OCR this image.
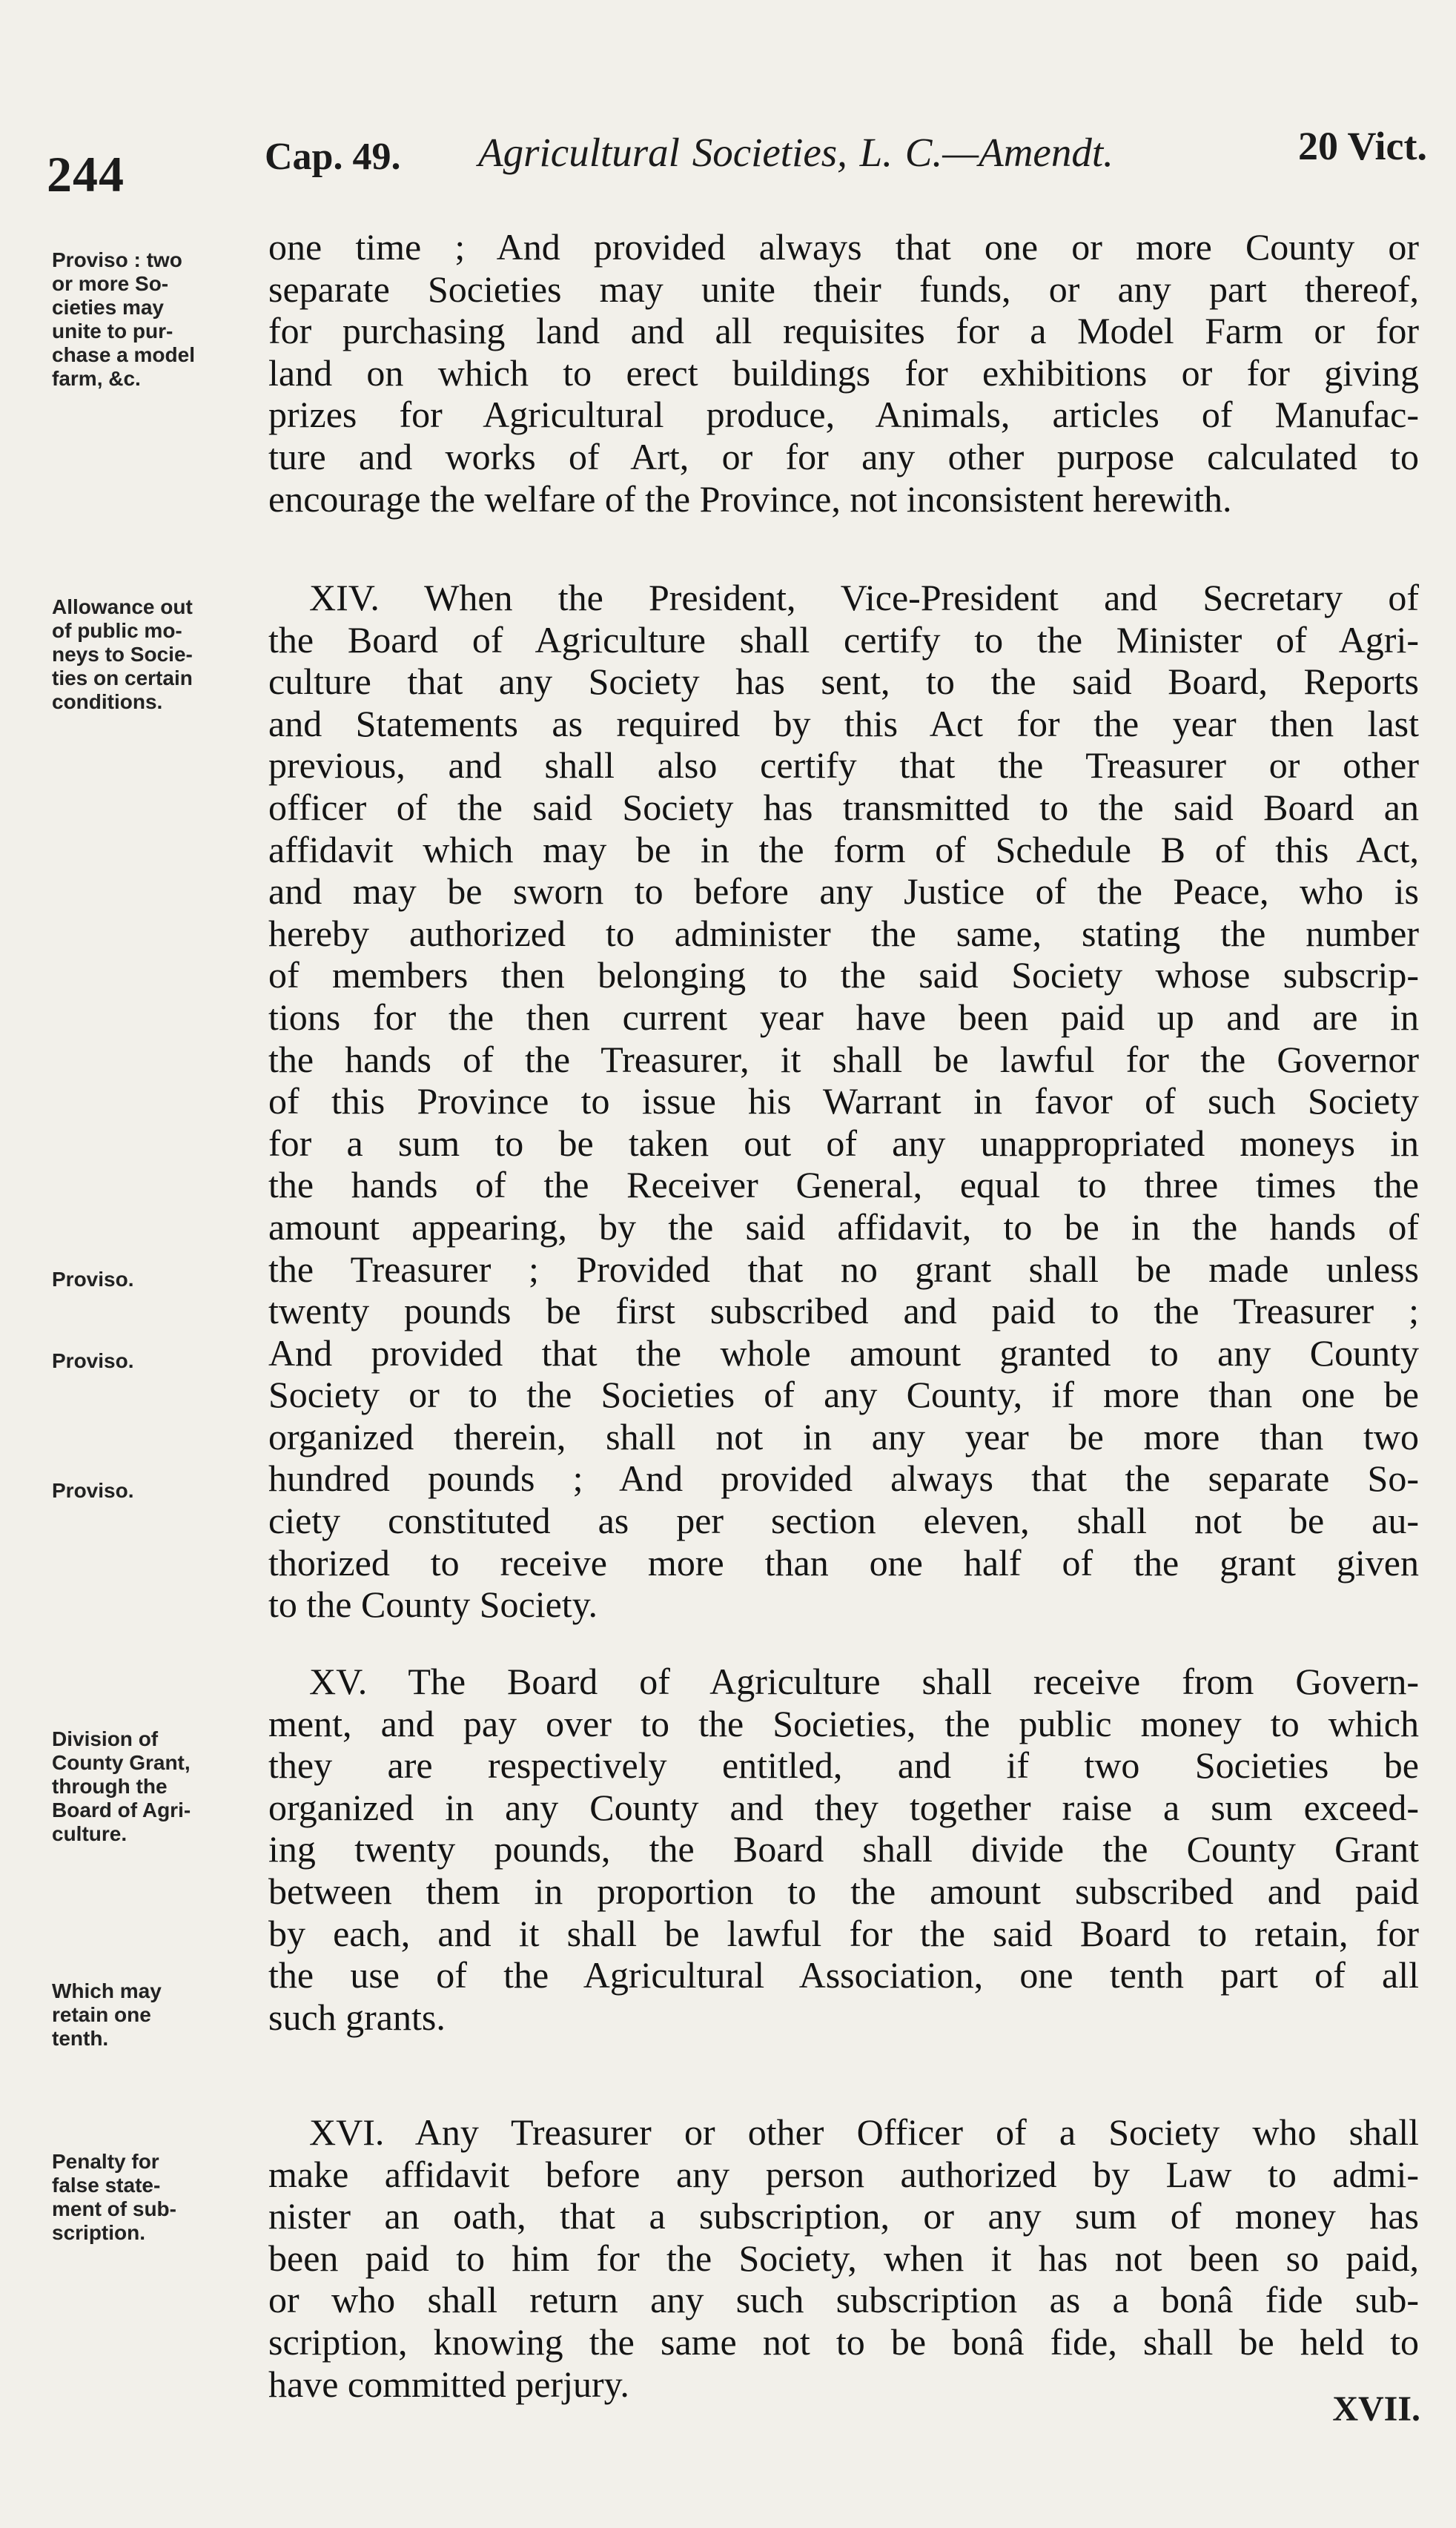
244	Cap. 49. Agricultural Societies, L. C.—Amendt.	20 Vict.
Proviso : two
or more So-
cieties may
unite to pur-
chase a model
farm, &c.
Allowance out
of public mo-
neys to Socie-
ties on certain
conditions.
Proviso.
Proviso.
Proviso.
Division of
County Grant,
through the
Board of Agri-
culture.
Which may
retain one
tenth.
Penalty for
false state-
ment of sub-
scription.
one time ; And provided always that one or more County or
separate Societies may unite their funds, or any part thereof,
for purchasing land and all requisites for a Model Farm or for
land on which to erect buildings for exhibitions or for giving
prizes for Agricultural produce, Animals, articles of Manufac-
ture and works of Art, or for any other purpose calculated to
encourage the welfare of the Province, not inconsistent herewith.
XIV. When the President, Vice-President and Secretary of
the Board of Agriculture shall certify to the Minister of Agri-
culture that any Society has sent, to the said Board, Reports
and Statements as required by this Act for the year then last
previous, and shall also certify that the Treasurer or other
officer of the said Society has transmitted to the said Board an
affidavit which may be in the form of Schedule B of this Act,
and may be sworn to before any Justice of the Peace, who is
hereby authorized to administer the same, stating the number
of members then belonging to the said Society whose subscrip-
tions for the then current year have been paid up and are in
the hands of the Treasurer, it shall be lawful for the Governor
of this Province to issue his Warrant in favor of such Society
for a sum to be taken out of any unappropriated moneys in
the hands of the Receiver General, equal to three times the
amount appearing, by the said affidavit, to be in the hands of
the Treasurer ; Provided that no grant shall be made unless
twenty pounds be first subscribed and paid to the Treasurer ;
And provided that the whole amount granted to any County
Society or to the Societies of any County, if more than one be
organized therein, shall not in any year be more than two
hundred pounds ; And provided always that the separate So-
ciety constituted as per section eleven, shall not be au-
thorized to receive more than one half of the grant given
to the County Society.
XV. The Board of Agriculture shall receive from Govern-
ment, and pay over to the Societies, the public money to which
they are respectively entitled, and if two Societies be
organized in any County and they together raise a sum exceed-
ing twenty pounds, the Board shall divide the County Grant
between them in proportion to the amount subscribed and paid
by each, and it shall be lawful for the said Board to retain, for
the use of the Agricultural Association, one tenth part of all
such grants.
XVI. Any Treasurer or other Officer of a Society who shall
make affidavit before any person authorized by Law to admi-
nister an oath, that a subscription, or any sum of money has
been paid to him for the Society, when it has not been so paid,
or who shall return any such subscription as a bonâ fide sub-
scription, knowing the same not to be bonâ fide, shall be held to
have committed perjury.
XVII.
